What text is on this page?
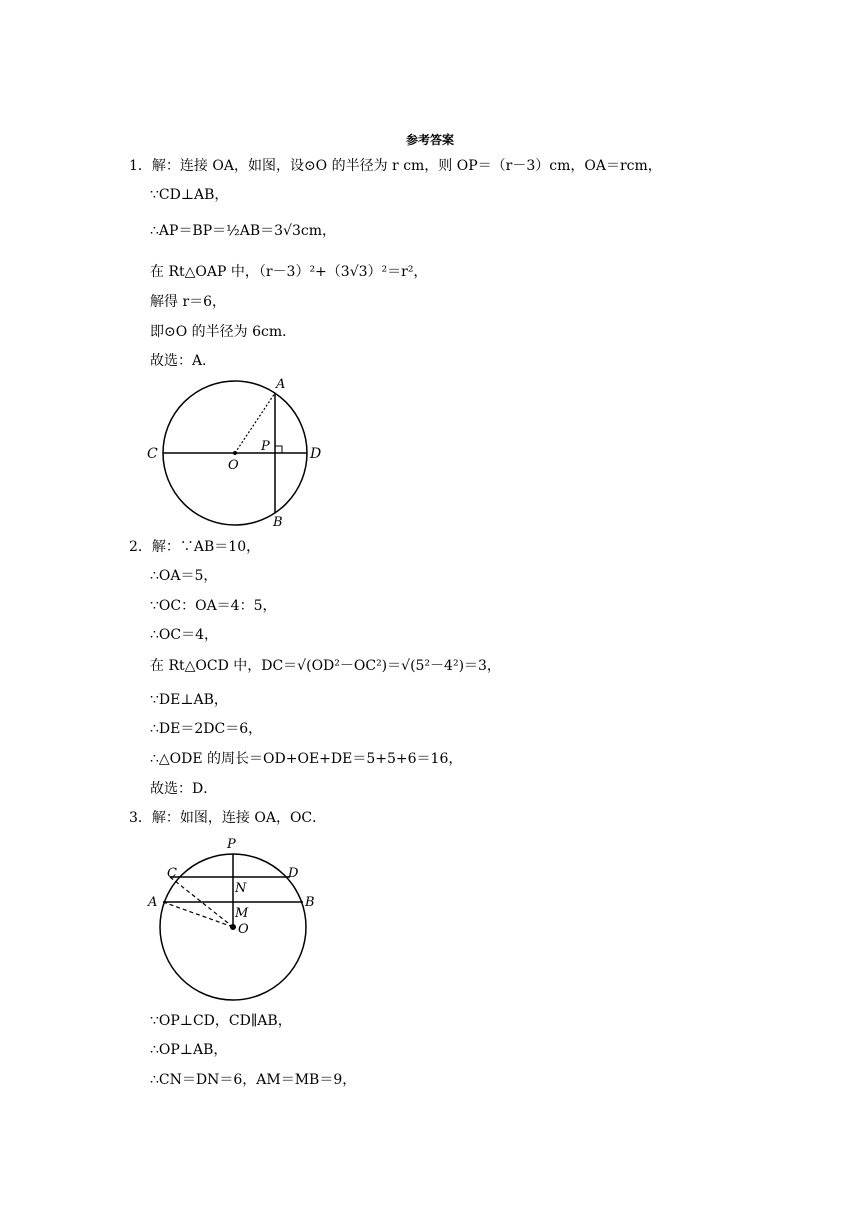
参考答案
1．解：连接 OA，如图，设⊙O 的半径为 r cm，则 OP＝（r－3）cm，OA＝rcm，
∵CD⊥AB，
∴AP＝BP＝½AB＝3√3cm，
在 Rt△OAP 中，（r－3）²+（3√3）²＝r²，
解得 r＝6，
即⊙O 的半径为 6cm．
故选：A．
A
B
C	D
O
P
2．解：∵AB＝10，
∴OA＝5，
∵OC：OA＝4：5，
∴OC＝4，
在 Rt△OCD 中，DC＝√(OD²－OC²)＝√(5²－4²)＝3，
∵DE⊥AB，
∴DE＝2DC＝6，
∴△ODE 的周长＝OD+OE+DE＝5+5+6＝16，
故选：D．
3．解：如图，连接 OA，OC．
P
C	D
N
A	B
M
O
∵OP⊥CD，CD∥AB，
∴OP⊥AB，
∴CN＝DN＝6，AM＝MB＝9，
